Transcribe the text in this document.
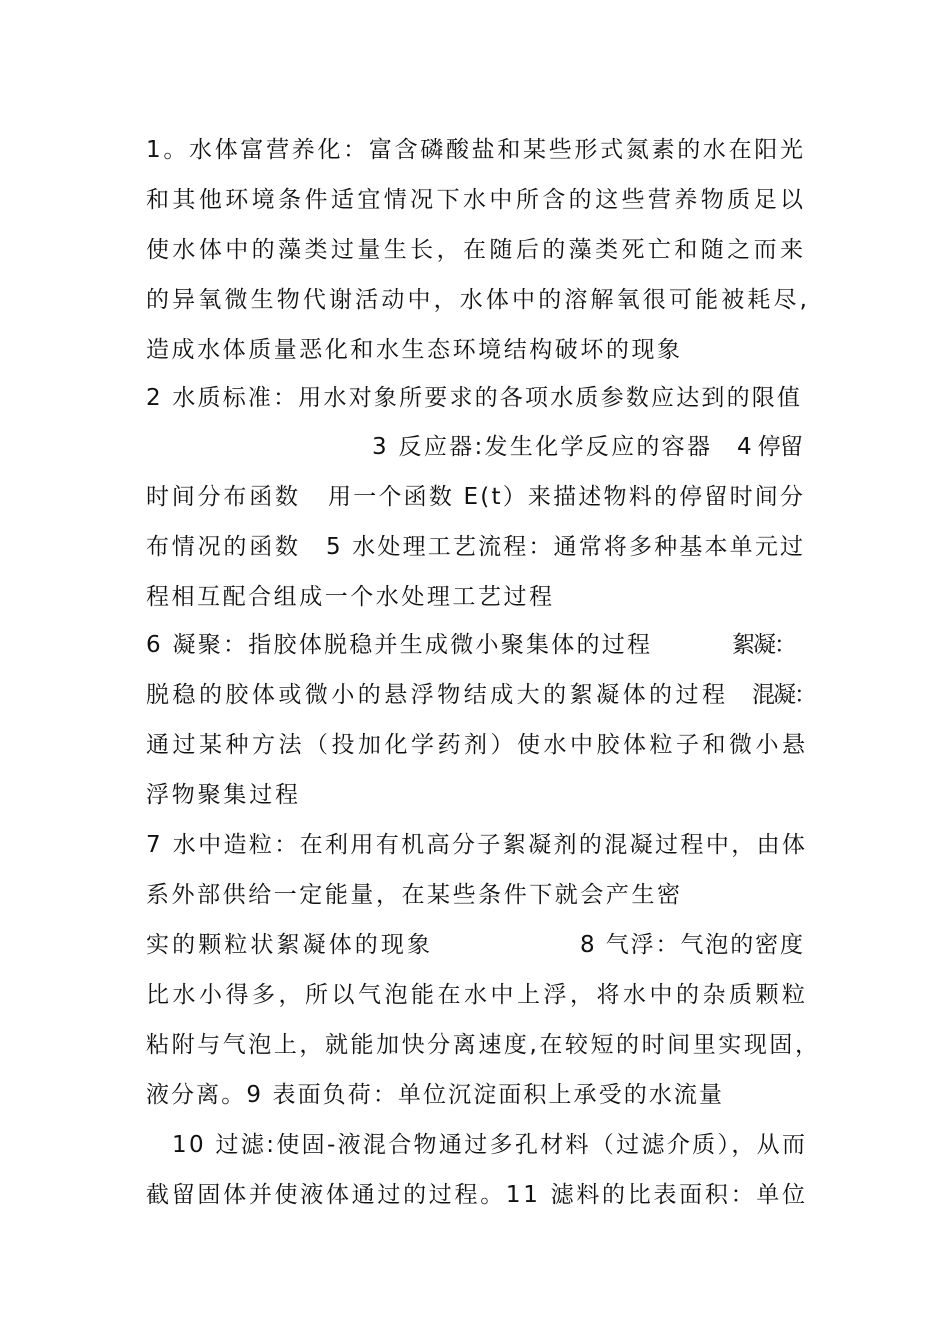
1。水体富营养化：富含磷酸盐和某些形式氮素的水在阳光

和其他环境条件适宜情况下水中所含的这些营养物质足以

使水体中的藻类过量生长，在随后的藻类死亡和随之而来

的异氧微生物代谢活动中，水体中的溶解氧很可能被耗尽,

造成水体质量恶化和水生态环境结构破坏的现象

2 水质标准：用水对象所要求的各项水质参数应达到的限值

3 反应器:发生化学反应的容器

4 停留

时间分布函数

用一个函数 E(t）来描述物料的停留时间分

布情况的函数

5 水处理工艺流程：通常将多种基本单元过

程相互配合组成一个水处理工艺过程

6 凝聚：指胶体脱稳并生成微小聚集体的过程

	絮凝：

脱稳的胶体或微小的悬浮物结成大的絮凝体的过程

混凝：

通过某种方法（投加化学药剂）使水中胶体粒子和微小悬

浮物聚集过程

7 水中造粒：在利用有机高分子絮凝剂的混凝过程中，由体

系外部供给一定能量，在某些条件下就会产生密

实的颗粒状絮凝体的现象

	8 气浮：气泡的密度

比水小得多，所以气泡能在水中上浮，将水中的杂质颗粒

粘附与气泡上，就能加快分离速度,在较短的时间里实现固，

液分离。9 表面负荷：单位沉淀面积上承受的水流量

10 过滤:使固-液混合物通过多孔材料（过滤介质），从而

截留固体并使液体通过的过程。11 滤料的比表面积：单位
